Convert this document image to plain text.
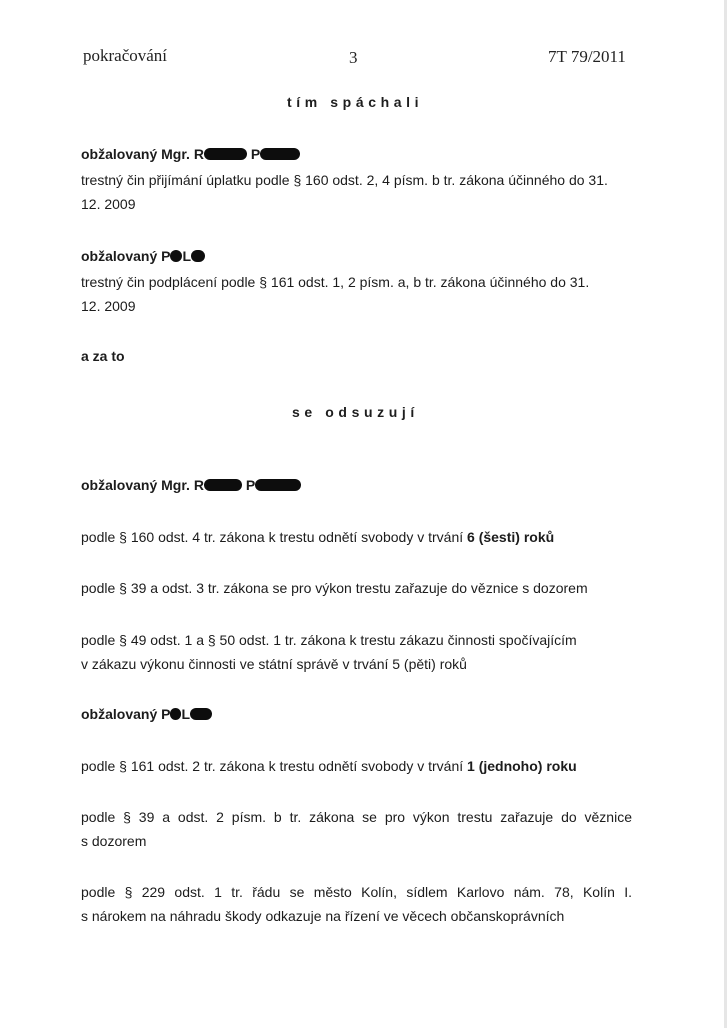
pokračování	3	7T 79/2011
tím spáchali
obžalovaný Mgr. R	P
trestný čin přijímání úplatku podle § 160 odst. 2, 4 písm. b tr. zákona účinného do 31.
12. 2009
obžalovaný P L
trestný čin podplácení podle § 161 odst. 1, 2 písm. a, b tr. zákona účinného do 31.
12. 2009
a za to
se odsuzují
obžalovaný Mgr. R	P
podle § 160 odst. 4 tr. zákona k trestu odnětí svobody v trvání 6 (šesti) roků
podle § 39 a odst. 3 tr. zákona se pro výkon trestu zařazuje do věznice s dozorem
podle § 49 odst. 1 a § 50 odst. 1 tr. zákona k trestu zákazu činnosti spočívajícím
v zákazu výkonu činnosti ve státní správě v trvání 5 (pěti) roků
obžalovaný P L
podle § 161 odst. 2 tr. zákona k trestu odnětí svobody v trvání 1 (jednoho) roku
podle § 39 a odst. 2 písm. b tr. zákona se pro výkon trestu zařazuje do věznice
s dozorem
podle § 229 odst. 1 tr. řádu se město Kolín, sídlem Karlovo nám. 78, Kolín I.
s nárokem na náhradu škody odkazuje na řízení ve věcech občanskoprávních
